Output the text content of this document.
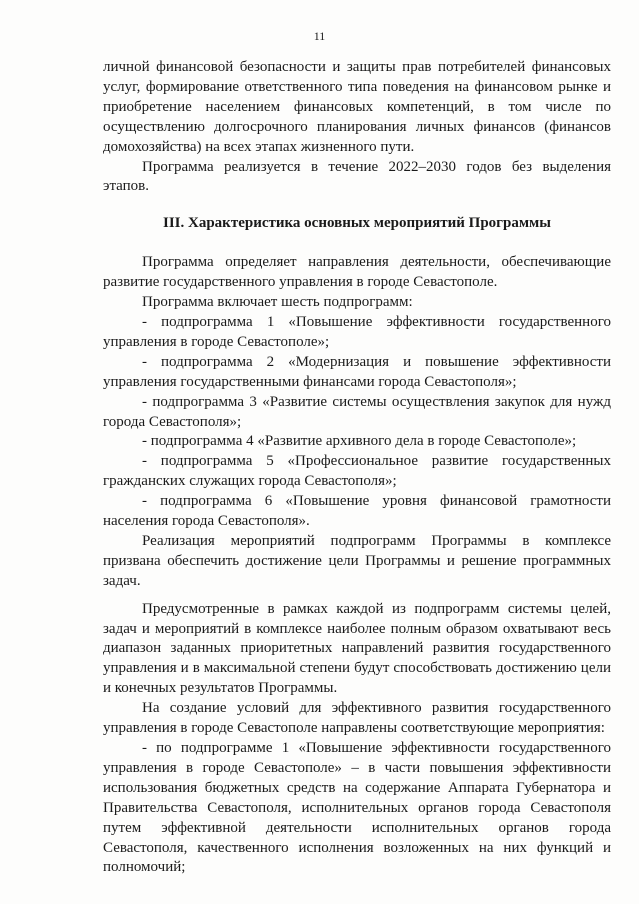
11

личной финансовой безопасности и защиты прав потребителей финансовых услуг, формирование ответственного типа поведения на финансовом рынке и приобретение населением финансовых компетенций, в том числе по осуществлению долгосрочного планирования личных финансов (финансов домохозяйства) на всех этапах жизненного пути.

Программа реализуется в течение 2022–2030 годов без выделения этапов.

III. Характеристика основных мероприятий Программы

Программа определяет направления деятельности, обеспечивающие развитие государственного управления в городе Севастополе.

Программа включает шесть подпрограмм:

- подпрограмма 1 «Повышение эффективности государственного управления в городе Севастополе»;

- подпрограмма 2 «Модернизация и повышение эффективности управления государственными финансами города Севастополя»;

- подпрограмма 3 «Развитие системы осуществления закупок для нужд города Севастополя»;

- подпрограмма 4 «Развитие архивного дела в городе Севастополе»;

- подпрограмма 5 «Профессиональное развитие государственных гражданских служащих города Севастополя»;

- подпрограмма 6 «Повышение уровня финансовой грамотности населения города Севастополя».

Реализация мероприятий подпрограмм Программы в комплексе призвана обеспечить достижение цели Программы и решение программных задач.

Предусмотренные в рамках каждой из подпрограмм системы целей, задач и мероприятий в комплексе наиболее полным образом охватывают весь диапазон заданных приоритетных направлений развития государственного управления и в максимальной степени будут способствовать достижению цели и конечных результатов Программы.

На создание условий для эффективного развития государственного управления в городе Севастополе направлены соответствующие мероприятия:

- по подпрограмме 1 «Повышение эффективности государственного управления в городе Севастополе» – в части повышения эффективности использования бюджетных средств на содержание Аппарата Губернатора и Правительства Севастополя, исполнительных органов города Севастополя путем эффективной деятельности исполнительных органов города Севастополя, качественного исполнения возложенных на них функций и полномочий;
